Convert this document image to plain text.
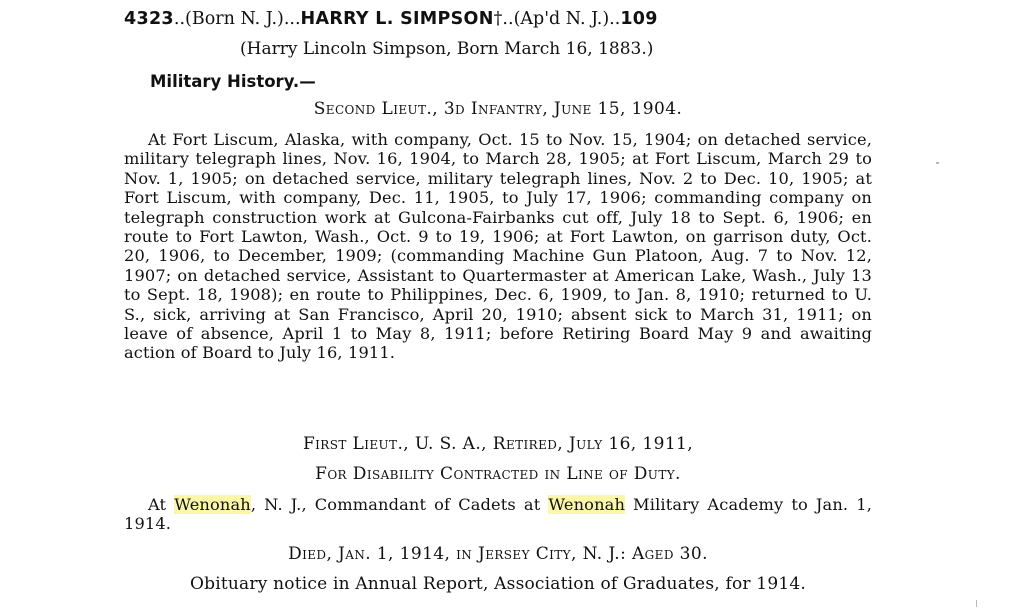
4323..(Born N. J.)...HARRY L. SIMPSON†..(Ap'd N. J.)..109
(Harry Lincoln Simpson, Born March 16, 1883.)
Military History.—
Second Lieut., 3d Infantry, June 15, 1904.
At Fort Liscum, Alaska, with company, Oct. 15 to Nov. 15, 1904; on detached service, military telegraph lines, Nov. 16, 1904, to March 28, 1905; at Fort Liscum, March 29 to Nov. 1, 1905; on detached service, military telegraph lines, Nov. 2 to Dec. 10, 1905; at Fort Liscum, with company, Dec. 11, 1905, to July 17, 1906; commanding company on telegraph construction work at Gulcona-Fairbanks cut off, July 18 to Sept. 6, 1906; en route to Fort Lawton, Wash., Oct. 9 to 19, 1906; at Fort Lawton, on garrison duty, Oct. 20, 1906, to December, 1909; (commanding Machine Gun Platoon, Aug. 7 to Nov. 12, 1907; on detached service, Assistant to Quartermaster at American Lake, Wash., July 13 to Sept. 18, 1908); en route to Philippines, Dec. 6, 1909, to Jan. 8, 1910; returned to U. S., sick, arriving at San Francisco, April 20, 1910; absent sick to March 31, 1911; on leave of absence, April 1 to May 8, 1911; before Retiring Board May 9 and awaiting action of Board to July 16, 1911.
First Lieut., U. S. A., Retired, July 16, 1911,
For Disability Contracted in Line of Duty.
At Wenonah, N. J., Commandant of Cadets at Wenonah Military Academy to Jan. 1, 1914.
Died, Jan. 1, 1914, in Jersey City, N. J.: Aged 30.
Obituary notice in Annual Report, Association of Graduates, for 1914.
